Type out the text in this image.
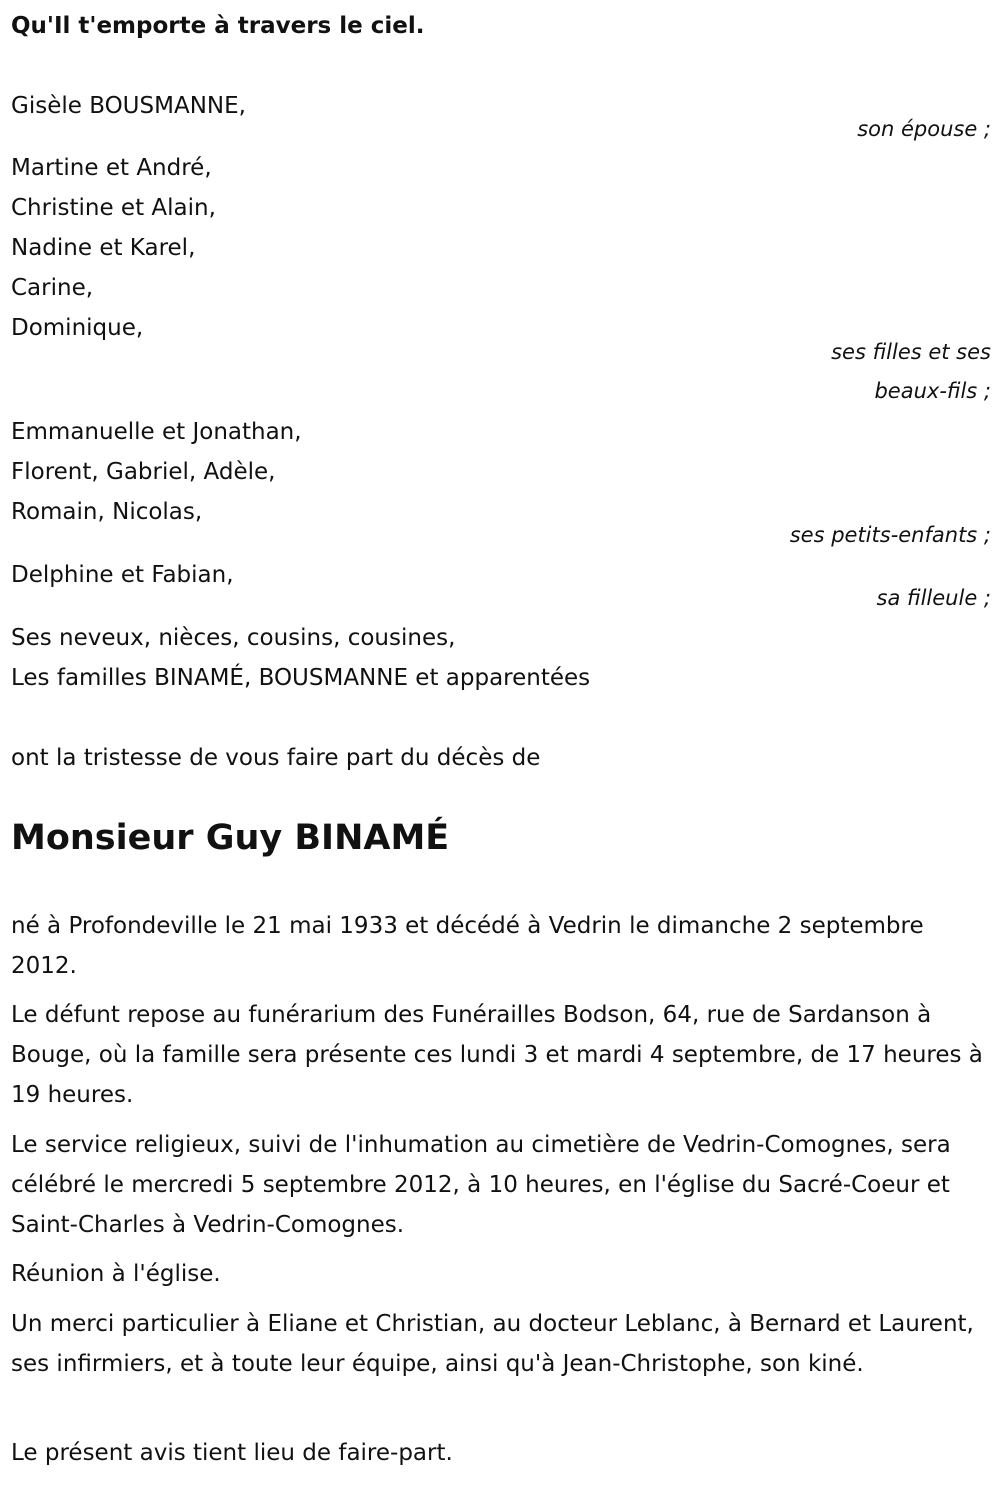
Qu'Il t'emporte à travers le ciel.
Gisèle BOUSMANNE,
son épouse ;
Martine et André,
Christine et Alain,
Nadine et Karel,
Carine,
Dominique,
ses filles et ses
beaux-fils ;
Emmanuelle et Jonathan,
Florent, Gabriel, Adèle,
Romain, Nicolas,
ses petits-enfants ;
Delphine et Fabian,
sa filleule ;
Ses neveux, nièces, cousins, cousines,
Les familles BINAMÉ, BOUSMANNE et apparentées
ont la tristesse de vous faire part du décès de
Monsieur Guy BINAMÉ
né à Profondeville le 21 mai 1933 et décédé à Vedrin le dimanche 2 septembre 2012.
Le défunt repose au funérarium des Funérailles Bodson, 64, rue de Sardanson à Bouge, où la famille sera présente ces lundi 3 et mardi 4 septembre, de 17 heures à 19 heures.
Le service religieux, suivi de l'inhumation au cimetière de Vedrin-Comognes, sera célébré le mercredi 5 septembre 2012, à 10 heures, en l'église du Sacré-Coeur et Saint-Charles à Vedrin-Comognes.
Réunion à l'église.
Un merci particulier à Eliane et Christian, au docteur Leblanc, à Bernard et Laurent, ses infirmiers, et à toute leur équipe, ainsi qu'à Jean-Christophe, son kiné.
Le présent avis tient lieu de faire-part.
